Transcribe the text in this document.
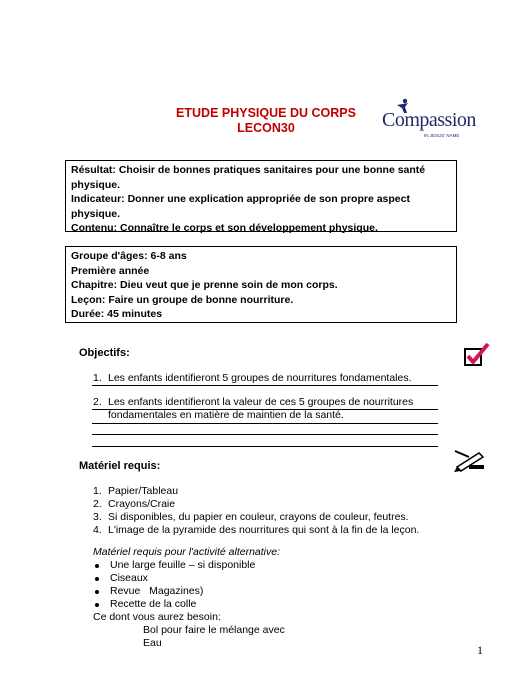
ETUDE PHYSIQUE DU CORPS
LECON30	Compassion
IN JESUS' NAME

Résultat: Choisir de bonnes pratiques sanitaires pour une bonne santé physique.

Indicateur: Donner une explication appropriée de son propre aspect physique.

Contenu: Connaître le corps et son développement physique.

Groupe d'âges: 6-8 ans

Première année

Chapitre: Dieu veut que je prenne soin de mon corps.

Leçon: Faire un groupe de bonne nourriture.

Durée: 45 minutes

Objectifs:
1. Les enfants identifieront 5 groupes de nourritures fondamentales.
2. Les enfants identifieront la valeur de ces 5 groupes de nourritures
fondamentales en matière de maintien de la santé.
Matériel requis:
1. Papier/Tableau
2. Crayons/Craie
3. Si disponibles, du papier en couleur, crayons de couleur, feutres.
4. L'image de la pyramide des nourritures qui sont à la fin de la leçon.
Matériel requis pour l'activité alternative:
Une large feuille – si disponible
Ciseaux
Revue   Magazines)
Recette de la colle
Ce dont vous aurez besoin:
Bol pour faire le mélange avec
Eau	1
